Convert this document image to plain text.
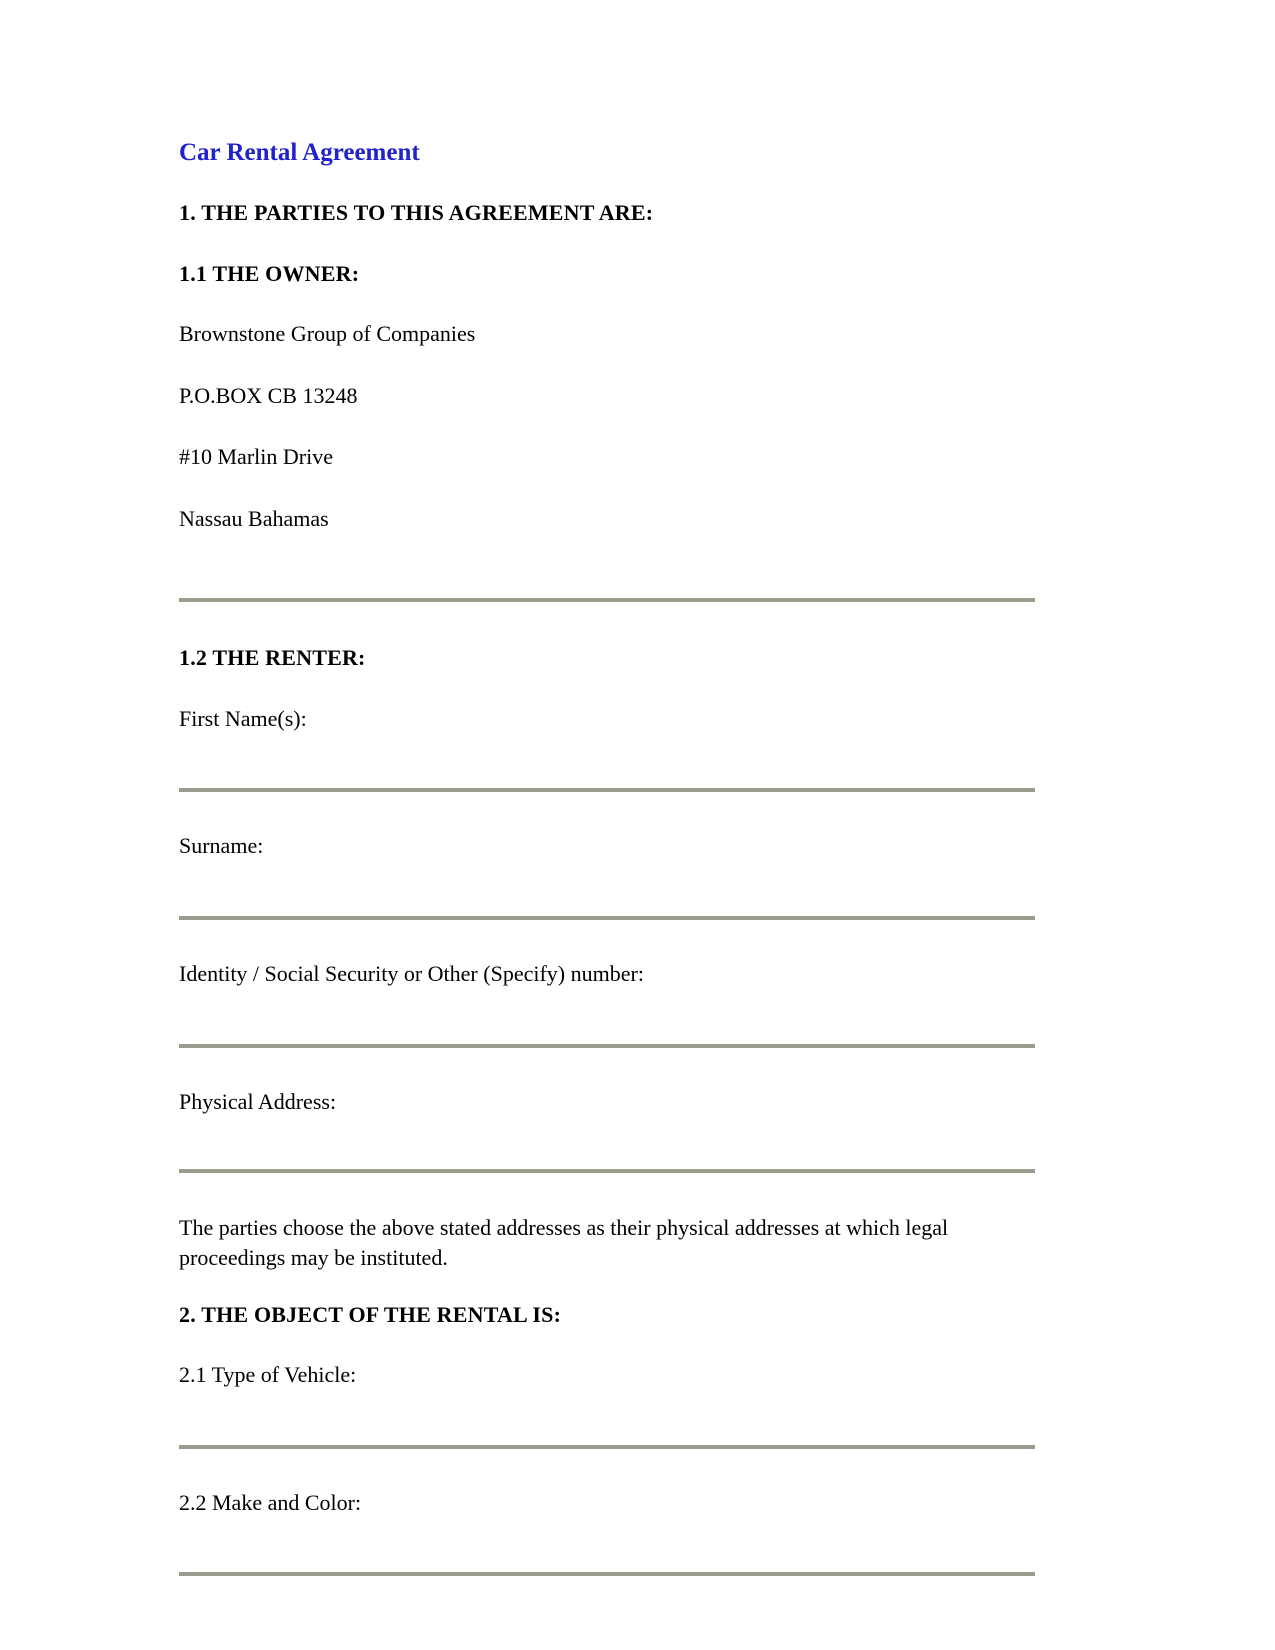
Car Rental Agreement
1. THE PARTIES TO THIS AGREEMENT ARE:
1.1 THE OWNER:
Brownstone Group of Companies
P.O.BOX CB 13248
#10 Marlin Drive
Nassau Bahamas
1.2 THE RENTER:
First Name(s):
Surname:
Identity / Social Security or Other (Specify) number:
Physical Address:
The parties choose the above stated addresses as their physical addresses at which legal proceedings may be instituted.
2. THE OBJECT OF THE RENTAL IS:
2.1 Type of Vehicle:
2.2 Make and Color:
